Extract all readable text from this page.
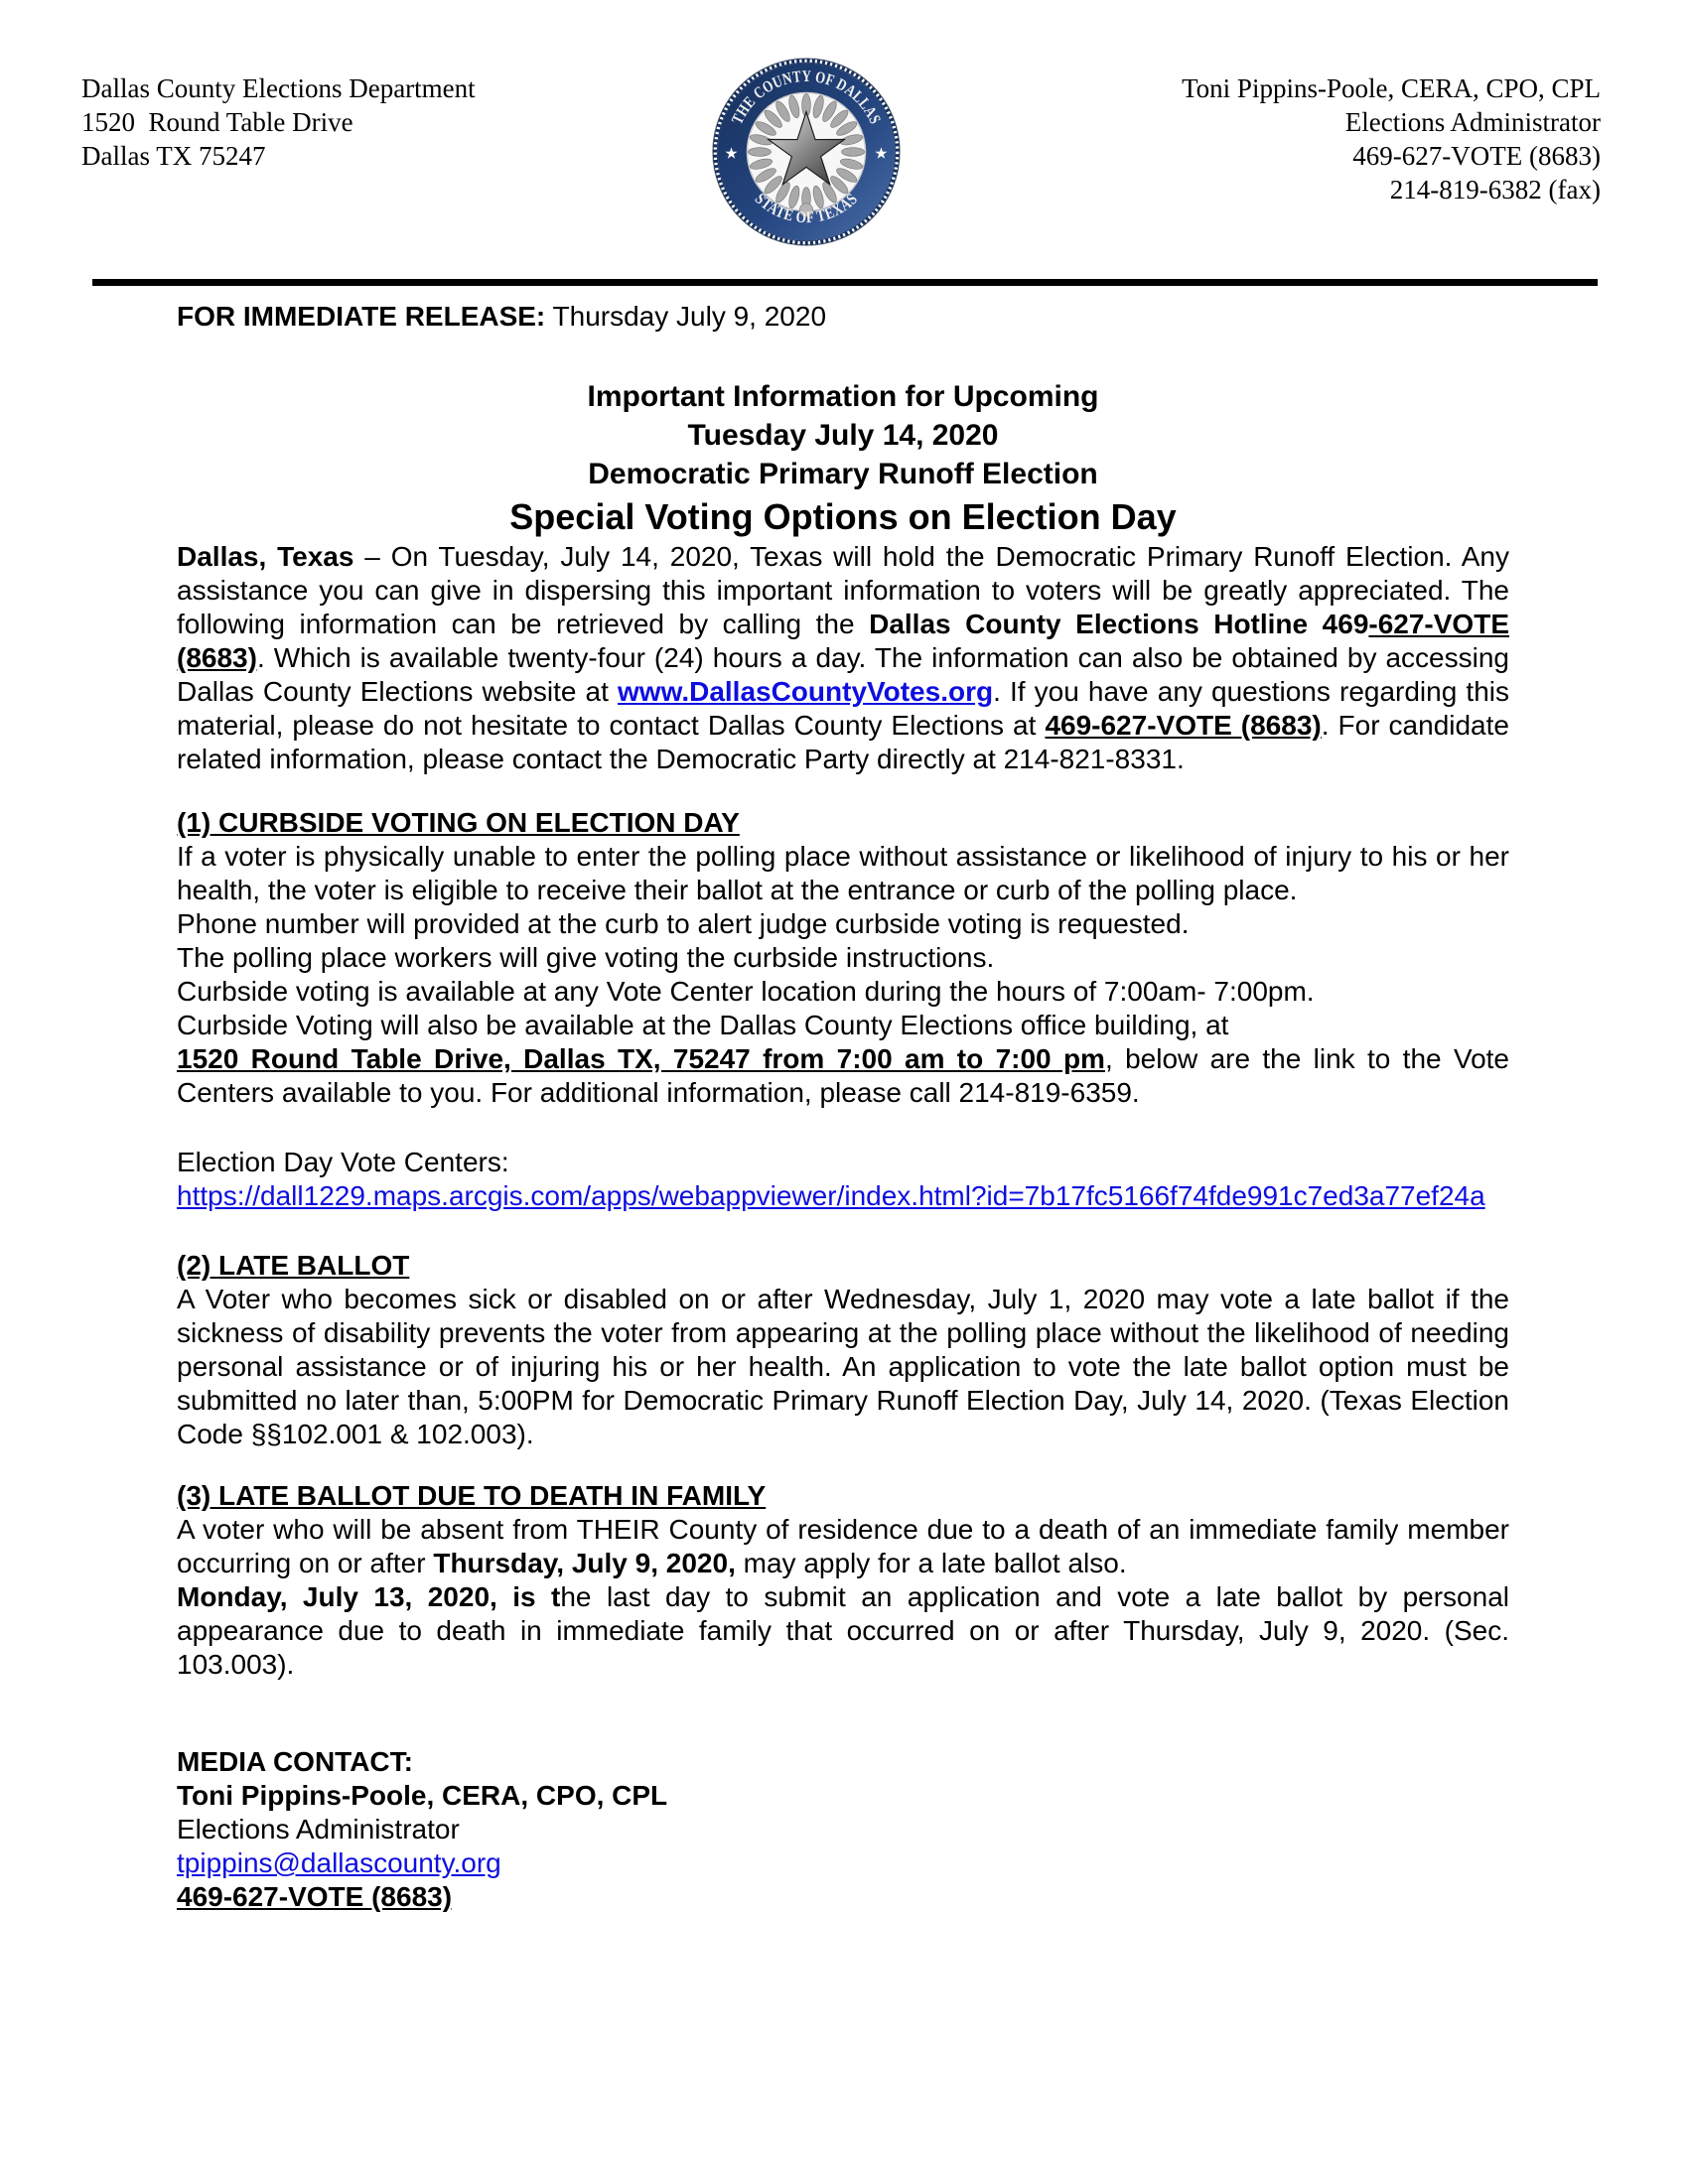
Dallas County Elections Department
1520  Round Table Drive
Dallas TX 75247
THE COUNTY OF DALLAS
STATE OF TEXAS
★	★
Toni Pippins-Poole, CERA, CPO, CPL
Elections Administrator
469-627-VOTE (8683)
214-819-6382 (fax)

FOR IMMEDIATE RELEASE: Thursday July 9, 2020

Important Information for Upcoming
Tuesday July 14, 2020
Democratic Primary Runoff Election
Special Voting Options on Election Day

Dallas, Texas – On Tuesday, July 14, 2020, Texas will hold the Democratic Primary Runoff Election. Any assistance you can give in dispersing this important information to voters will be greatly appreciated. The following information can be retrieved by calling the Dallas County Elections Hotline 469-627-VOTE (8683). Which is available twenty-four (24) hours a day. The information can also be obtained by accessing Dallas County Elections website at www.DallasCountyVotes.org. If you have any questions regarding this material, please do not hesitate to contact Dallas County Elections at 469-627-VOTE (8683). For candidate related information, please contact the Democratic Party directly at 214-821-8331.

(1) CURBSIDE VOTING ON ELECTION DAY

If a voter is physically unable to enter the polling place without assistance or likelihood of injury to his or her health, the voter is eligible to receive their ballot at the entrance or curb of the polling place.

Phone number will provided at the curb to alert judge curbside voting is requested.

The polling place workers will give voting the curbside instructions.

Curbside voting is available at any Vote Center location during the hours of 7:00am- 7:00pm.

Curbside Voting will also be available at the Dallas County Elections office building, at

1520 Round Table Drive, Dallas TX, 75247 from 7:00 am to 7:00 pm, below are the link to the Vote Centers available to you. For additional information, please call 214-819-6359.

Election Day Vote Centers:
https://dall1229.maps.arcgis.com/apps/webappviewer/index.html?id=7b17fc5166f74fde991c7ed3a77ef24a
(2) LATE BALLOT

A Voter who becomes sick or disabled on or after Wednesday, July 1, 2020 may vote a late ballot if the sickness of disability prevents the voter from appearing at the polling place without the likelihood of needing personal assistance or of injuring his or her health. An application to vote the late ballot option must be submitted no later than, 5:00PM for Democratic Primary Runoff Election Day, July 14, 2020. (Texas Election Code §§102.001 & 102.003).

(3) LATE BALLOT DUE TO DEATH IN FAMILY

A voter who will be absent from THEIR County of residence due to a death of an immediate family member occurring on or after Thursday, July 9, 2020, may apply for a late ballot also.

Monday, July 13, 2020, is the last day to submit an application and vote a late ballot by personal appearance due to death in immediate family that occurred on or after Thursday, July 9, 2020. (Sec. 103.003).

MEDIA CONTACT:

Toni Pippins-Poole, CERA, CPO, CPL

Elections Administrator

tpippins@dallascounty.org

469-627-VOTE (8683)
